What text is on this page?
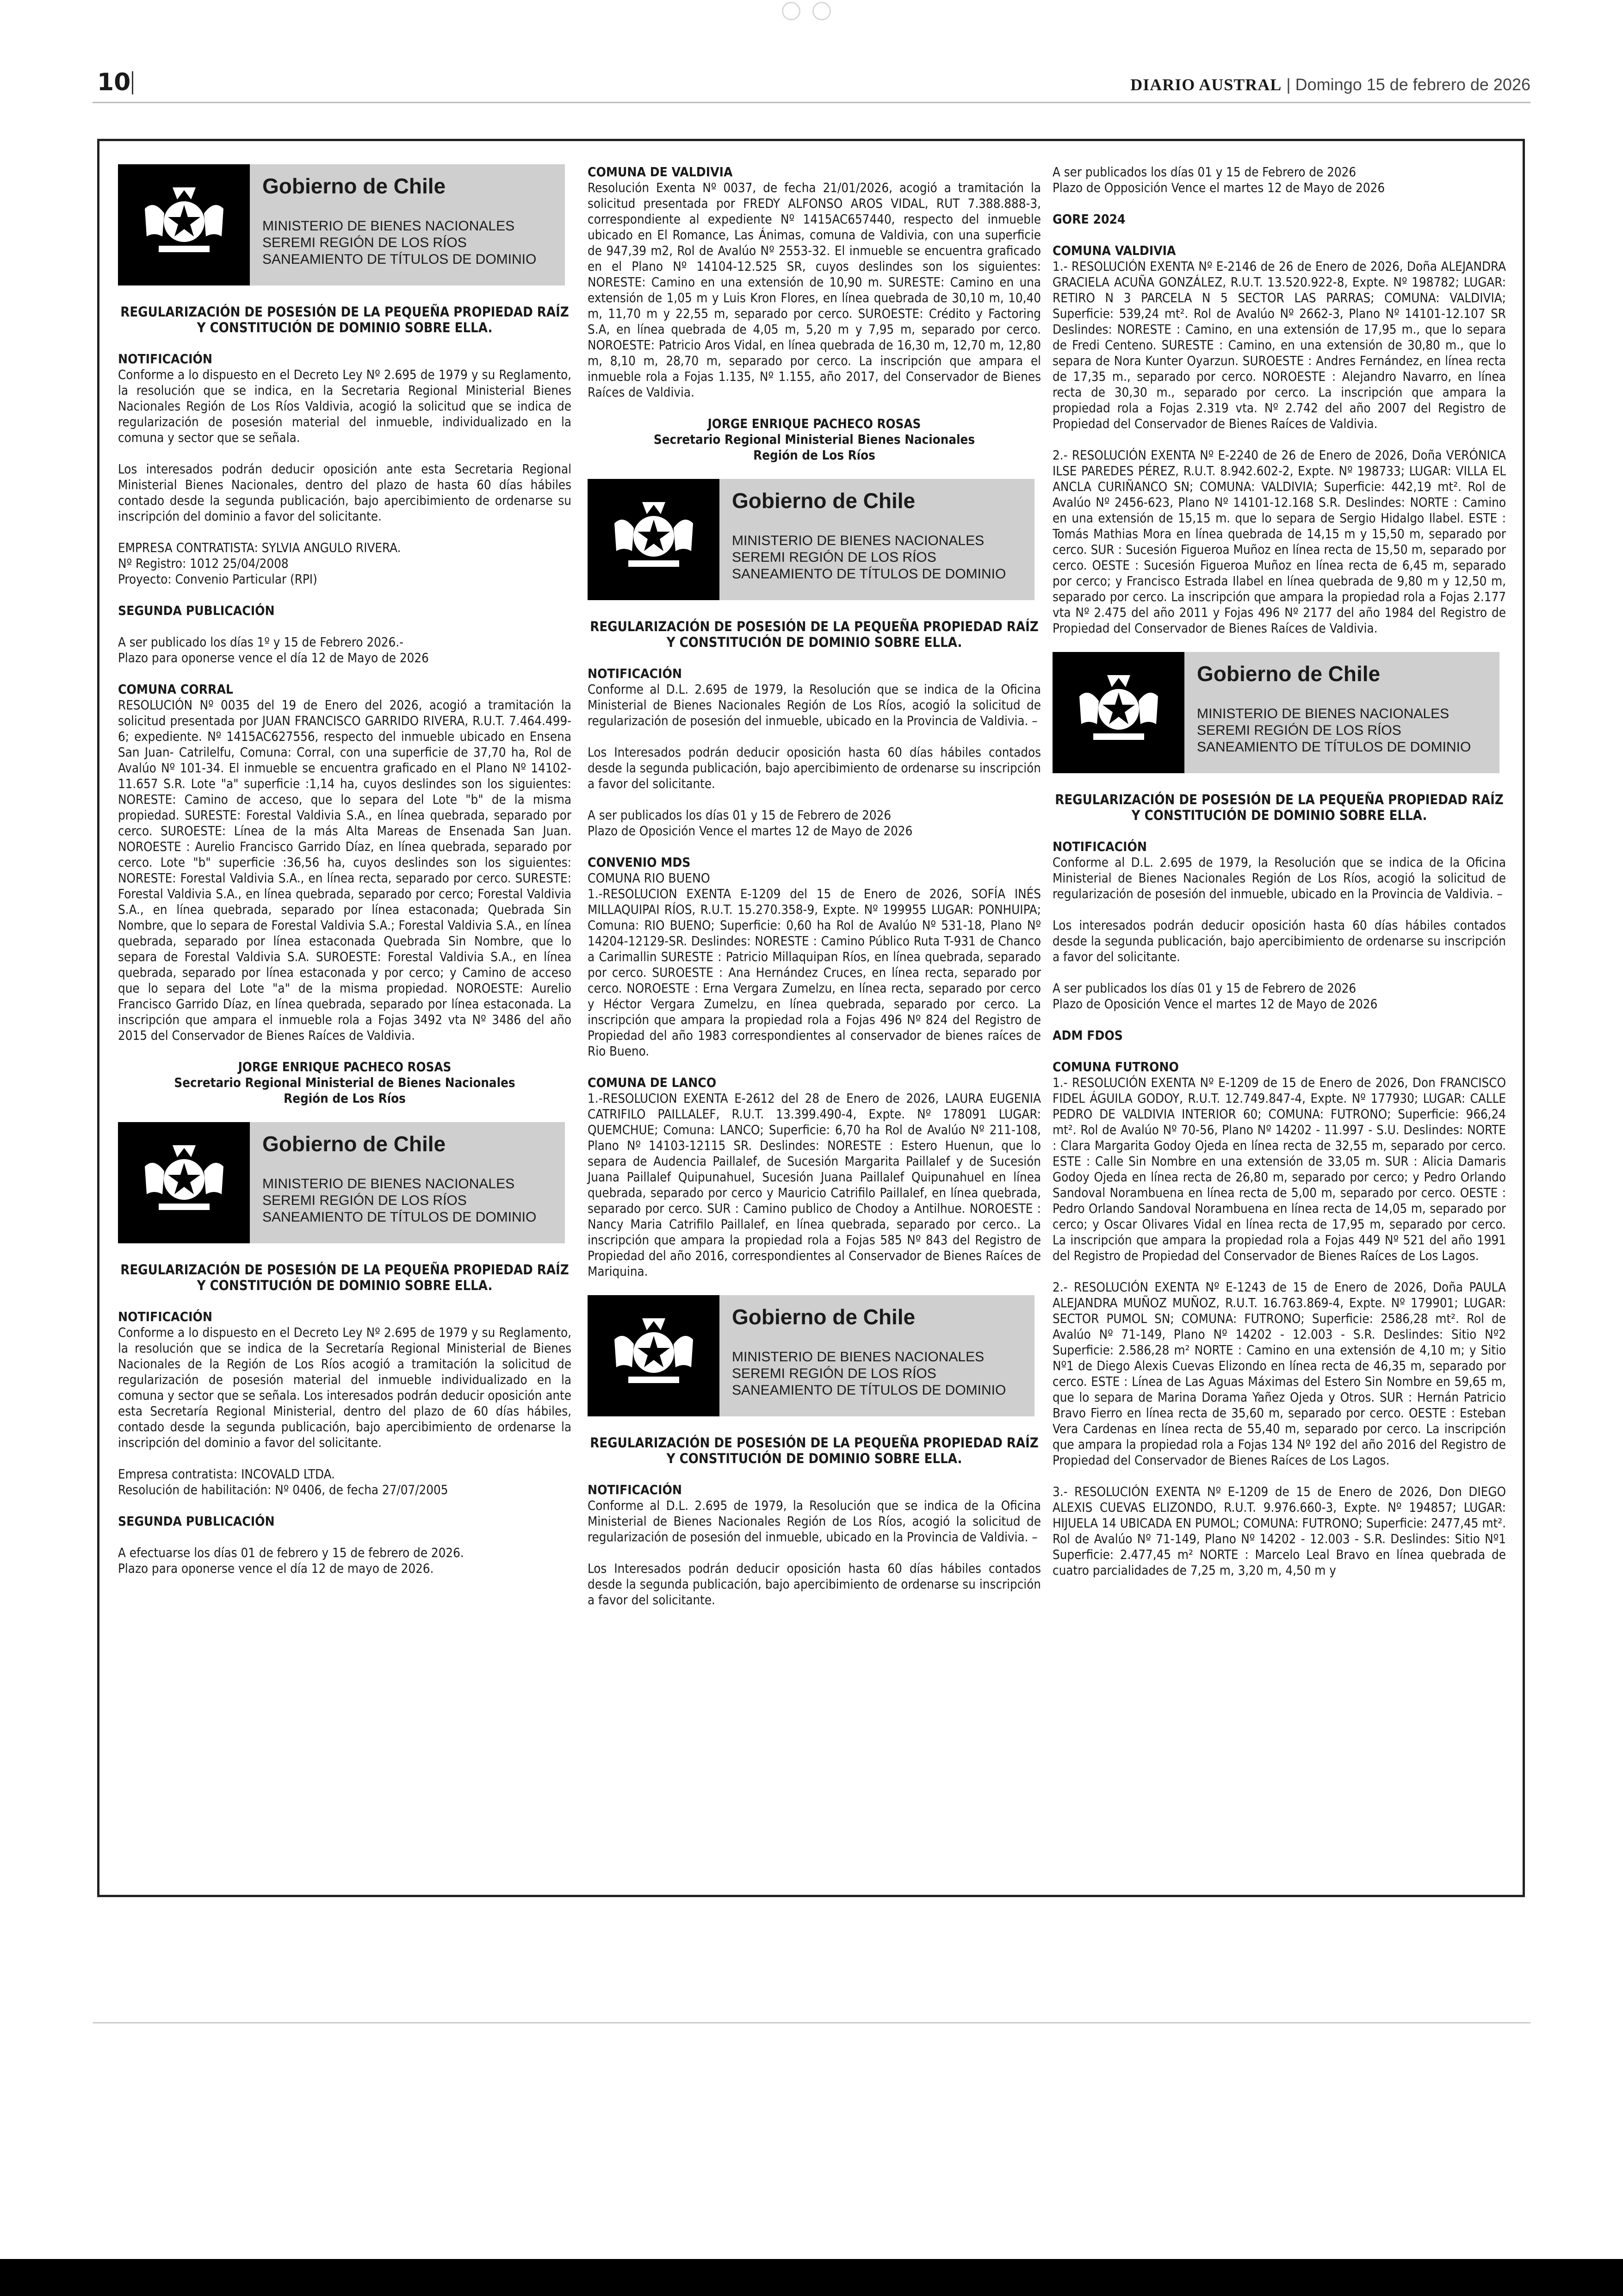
10	DIARIO AUSTRAL | Domingo 15 de febrero de 2026
Gobierno de Chile
MINISTERIO DE BIENES NACIONALES
SEREMI REGIÓN DE LOS RÍOS
SANEAMIENTO DE TÍTULOS DE DOMINIO
REGULARIZACIÓN DE POSESIÓN DE LA PEQUEÑA PROPIEDAD RAÍZ Y CONSTITUCIÓN DE DOMINIO SOBRE ELLA.
NOTIFICACIÓN

Conforme a lo dispuesto en el Decreto Ley Nº 2.695 de 1979 y su Reglamento, la resolución que se indica, en la Secretaria Regional Ministerial Bienes Nacionales Región de Los Ríos Valdivia, acogió la solicitud que se indica de regularización de posesión material del inmueble, individualizado en la comuna y sector que se señala.

Los interesados podrán deducir oposición ante esta Secretaria Regional Ministerial Bienes Nacionales, dentro del plazo de hasta 60 días hábiles contado desde la segunda publicación, bajo apercibimiento de ordenarse su inscripción del dominio a favor del solicitante.

EMPRESA CONTRATISTA: SYLVIA ANGULO RIVERA.

Nº Registro: 1012 25/04/2008

Proyecto: Convenio Particular (RPI)

SEGUNDA PUBLICACIÓN

A ser publicado los días 1º y 15 de Febrero 2026.-

Plazo para oponerse vence el día 12 de Mayo de 2026

COMUNA CORRAL

RESOLUCIÓN Nº 0035 del 19 de Enero del 2026, acogió a tramitación la solicitud presentada por JUAN FRANCISCO GARRIDO RIVERA, R.U.T. 7.464.499-6; expediente. Nº 1415AC627556, respecto del inmueble ubicado en Ensena San Juan- Catrilelfu, Comuna: Corral, con una superficie de 37,70 ha, Rol de Avalúo Nº 101-34. El inmueble se encuentra graficado en el Plano Nº 14102-11.657 S.R. Lote "a" superficie :1,14 ha, cuyos deslindes son los siguientes: NORESTE: Camino de acceso, que lo separa del Lote "b" de la misma propiedad. SURESTE: Forestal Valdivia S.A., en línea quebrada, separado por cerco. SUROESTE: Línea de la más Alta Mareas de Ensenada San Juan. NOROESTE : Aurelio Francisco Garrido Díaz, en línea quebrada, separado por cerco. Lote "b" superficie :36,56 ha, cuyos deslindes son los siguientes: NORESTE: Forestal Valdivia S.A., en línea recta, separado por cerco. SURESTE: Forestal Valdivia S.A., en línea quebrada, separado por cerco; Forestal Valdivia S.A., en línea quebrada, separado por línea estaconada; Quebrada Sin Nombre, que lo separa de Forestal Valdivia S.A.; Forestal Valdivia S.A., en línea quebrada, separado por línea estaconada Quebrada Sin Nombre, que lo separa de Forestal Valdivia S.A. SUROESTE: Forestal Valdivia S.A., en línea quebrada, separado por línea estaconada y por cerco; y Camino de acceso que lo separa del Lote "a" de la misma propiedad. NOROESTE: Aurelio Francisco Garrido Díaz, en línea quebrada, separado por línea estaconada. La inscripción que ampara el inmueble rola a Fojas 3492 vta Nº 3486 del año 2015 del Conservador de Bienes Raíces de Valdivia.

JORGE ENRIQUE PACHECO ROSAS
Secretario Regional Ministerial de Bienes Nacionales
Región de Los Ríos
Gobierno de Chile
MINISTERIO DE BIENES NACIONALES
SEREMI REGIÓN DE LOS RÍOS
SANEAMIENTO DE TÍTULOS DE DOMINIO
REGULARIZACIÓN DE POSESIÓN DE LA PEQUEÑA PROPIEDAD RAÍZ Y CONSTITUCIÓN DE DOMINIO SOBRE ELLA.
NOTIFICACIÓN

Conforme a lo dispuesto en el Decreto Ley Nº 2.695 de 1979 y su Reglamento, la resolución que se indica de la Secretaría Regional Ministerial de Bienes Nacionales de la Región de Los Ríos acogió a tramitación la solicitud de regularización de posesión material del inmueble individualizado en la comuna y sector que se señala. Los interesados podrán deducir oposición ante esta Secretaría Regional Ministerial, dentro del plazo de 60 días hábiles, contado desde la segunda publicación, bajo apercibimiento de ordenarse la inscripción del dominio a favor del solicitante.

Empresa contratista: INCOVALD LTDA.

Resolución de habilitación: Nº 0406, de fecha 27/07/2005

SEGUNDA PUBLICACIÓN

A efectuarse los días 01 de febrero y 15 de febrero de 2026.

Plazo para oponerse vence el día 12 de mayo de 2026.

COMUNA DE VALDIVIA

Resolución Exenta Nº 0037, de fecha 21/01/2026, acogió a tramitación la solicitud presentada por FREDY ALFONSO AROS VIDAL, RUT 7.388.888-3, correspondiente al expediente Nº 1415AC657440, respecto del inmueble ubicado en El Romance, Las Ánimas, comuna de Valdivia, con una superficie de 947,39 m2, Rol de Avalúo Nº 2553-32. El inmueble se encuentra graficado en el Plano Nº 14104-12.525 SR, cuyos deslindes son los siguientes: NORESTE: Camino en una extensión de 10,90 m. SURESTE: Camino en una extensión de 1,05 m y Luis Kron Flores, en línea quebrada de 30,10 m, 10,40 m, 11,70 m y 22,55 m, separado por cerco. SUROESTE: Crédito y Factoring S.A, en línea quebrada de 4,05 m, 5,20 m y 7,95 m, separado por cerco. NOROESTE: Patricio Aros Vidal, en línea quebrada de 16,30 m, 12,70 m, 12,80 m, 8,10 m, 28,70 m, separado por cerco. La inscripción que ampara el inmueble rola a Fojas 1.135, Nº 1.155, año 2017, del Conservador de Bienes Raíces de Valdivia.

JORGE ENRIQUE PACHECO ROSAS
Secretario Regional Ministerial Bienes Nacionales
Región de Los Ríos
Gobierno de Chile
MINISTERIO DE BIENES NACIONALES
SEREMI REGIÓN DE LOS RÍOS
SANEAMIENTO DE TÍTULOS DE DOMINIO
REGULARIZACIÓN DE POSESIÓN DE LA PEQUEÑA PROPIEDAD RAÍZ Y CONSTITUCIÓN DE DOMINIO SOBRE ELLA.
NOTIFICACIÓN

Conforme al D.L. 2.695 de 1979, la Resolución que se indica de la Oficina Ministerial de Bienes Nacionales Región de Los Ríos, acogió la solicitud de regularización de posesión del inmueble, ubicado en la Provincia de Valdivia. –

Los Interesados podrán deducir oposición hasta 60 días hábiles contados desde la segunda publicación, bajo apercibimiento de ordenarse su inscripción a favor del solicitante.

A ser publicados los días 01 y 15 de Febrero de 2026

Plazo de Oposición Vence el martes 12 de Mayo de 2026

CONVENIO MDS
COMUNA RIO BUENO

1.-RESOLUCION EXENTA E-1209 del 15 de Enero de 2026, SOFÍA INÉS MILLAQUIPAI RÍOS, R.U.T. 15.270.358-9, Expte. Nº 199955 LUGAR: PONHUIPA; Comuna: RIO BUENO; Superficie: 0,60 ha Rol de Avalúo Nº 531-18, Plano Nº 14204-12129-SR. Deslindes: NORESTE : Camino Público Ruta T-931 de Chanco a Carimallin SURESTE : Patricio Millaquipan Ríos, en línea quebrada, separado por cerco. SUROESTE : Ana Hernández Cruces, en línea recta, separado por cerco. NOROESTE : Erna Vergara Zumelzu, en línea recta, separado por cerco y Héctor Vergara Zumelzu, en línea quebrada, separado por cerco. La inscripción que ampara la propiedad rola a Fojas 496 Nº 824 del Registro de Propiedad del año 1983 correspondientes al conservador de bienes raíces de Rio Bueno.

COMUNA DE LANCO

1.-RESOLUCION EXENTA E-2612 del 28 de Enero de 2026, LAURA EUGENIA CATRIFILO PAILLALEF, R.U.T. 13.399.490-4, Expte. Nº 178091 LUGAR: QUEMCHUE; Comuna: LANCO; Superficie: 6,70 ha Rol de Avalúo Nº 211-108, Plano Nº 14103-12115 SR. Deslindes: NORESTE : Estero Huenun, que lo separa de Audencia Paillalef, de Sucesión Margarita Paillalef y de Sucesión Juana Paillalef Quipunahuel, Sucesión Juana Paillalef Quipunahuel en línea quebrada, separado por cerco y Mauricio Catrifilo Paillalef, en línea quebrada, separado por cerco. SUR : Camino publico de Chodoy a Antilhue. NOROESTE : Nancy Maria Catrifilo Paillalef, en línea quebrada, separado por cerco.. La inscripción que ampara la propiedad rola a Fojas 585 Nº 843 del Registro de Propiedad del año 2016, correspondientes al Conservador de Bienes Raíces de Mariquina.

Gobierno de Chile
MINISTERIO DE BIENES NACIONALES
SEREMI REGIÓN DE LOS RÍOS
SANEAMIENTO DE TÍTULOS DE DOMINIO
REGULARIZACIÓN DE POSESIÓN DE LA PEQUEÑA PROPIEDAD RAÍZ Y CONSTITUCIÓN DE DOMINIO SOBRE ELLA.
NOTIFICACIÓN

Conforme al D.L. 2.695 de 1979, la Resolución que se indica de la Oficina Ministerial de Bienes Nacionales Región de Los Ríos, acogió la solicitud de regularización de posesión del inmueble, ubicado en la Provincia de Valdivia. –

Los Interesados podrán deducir oposición hasta 60 días hábiles contados desde la segunda publicación, bajo apercibimiento de ordenarse su inscripción a favor del solicitante.

A ser publicados los días 01 y 15 de Febrero de 2026

Plazo de Opposición Vence el martes 12 de Mayo de 2026

GORE 2024
COMUNA VALDIVIA

1.- RESOLUCIÓN EXENTA Nº E-2146 de 26 de Enero de 2026, Doña ALEJANDRA GRACIELA ACUÑA GONZÁLEZ, R.U.T. 13.520.922-8, Expte. Nº 198782; LUGAR: RETIRO N 3 PARCELA N 5 SECTOR LAS PARRAS; COMUNA: VALDIVIA; Superficie: 539,24 mt². Rol de Avalúo Nº 2662-3, Plano Nº 14101-12.107 SR Deslindes: NORESTE : Camino, en una extensión de 17,95 m., que lo separa de Fredi Centeno. SURESTE : Camino, en una extensión de 30,80 m., que lo separa de Nora Kunter Oyarzun. SUROESTE : Andres Fernández, en línea recta de 17,35 m., separado por cerco. NOROESTE : Alejandro Navarro, en línea recta de 30,30 m., separado por cerco. La inscripción que ampara la propiedad rola a Fojas 2.319 vta. Nº 2.742 del año 2007 del Registro de Propiedad del Conservador de Bienes Raíces de Valdivia.

2.- RESOLUCIÓN EXENTA Nº E-2240 de 26 de Enero de 2026, Doña VERÓNICA ILSE PAREDES PÉREZ, R.U.T. 8.942.602-2, Expte. Nº 198733; LUGAR: VILLA EL ANCLA CURIÑANCO SN; COMUNA: VALDIVIA; Superficie: 442,19 mt². Rol de Avalúo Nº 2456-623, Plano Nº 14101-12.168 S.R. Deslindes: NORTE : Camino en una extensión de 15,15 m. que lo separa de Sergio Hidalgo Ilabel. ESTE : Tomás Mathias Mora en línea quebrada de 14,15 m y 15,50 m, separado por cerco. SUR : Sucesión Figueroa Muñoz en línea recta de 15,50 m, separado por cerco. OESTE : Sucesión Figueroa Muñoz en línea recta de 6,45 m, separado por cerco; y Francisco Estrada Ilabel en línea quebrada de 9,80 m y 12,50 m, separado por cerco. La inscripción que ampara la propiedad rola a Fojas 2.177 vta Nº 2.475 del año 2011 y Fojas 496 Nº 2177 del año 1984 del Registro de Propiedad del Conservador de Bienes Raíces de Valdivia.

Gobierno de Chile
MINISTERIO DE BIENES NACIONALES
SEREMI REGIÓN DE LOS RÍOS
SANEAMIENTO DE TÍTULOS DE DOMINIO
REGULARIZACIÓN DE POSESIÓN DE LA PEQUEÑA PROPIEDAD RAÍZ Y CONSTITUCIÓN DE DOMINIO SOBRE ELLA.
NOTIFICACIÓN

Conforme al D.L. 2.695 de 1979, la Resolución que se indica de la Oficina Ministerial de Bienes Nacionales Región de Los Ríos, acogió la solicitud de regularización de posesión del inmueble, ubicado en la Provincia de Valdivia. –

Los interesados podrán deducir oposición hasta 60 días hábiles contados desde la segunda publicación, bajo apercibimiento de ordenarse su inscripción a favor del solicitante.

A ser publicados los días 01 y 15 de Febrero de 2026

Plazo de Oposición Vence el martes 12 de Mayo de 2026

ADM FDOS
COMUNA FUTRONO

1.- RESOLUCIÓN EXENTA Nº E-1209 de 15 de Enero de 2026, Don FRANCISCO FIDEL ÁGUILA GODOY, R.U.T. 12.749.847-4, Expte. Nº 177930; LUGAR: CALLE PEDRO DE VALDIVIA INTERIOR 60; COMUNA: FUTRONO; Superficie: 966,24 mt². Rol de Avalúo Nº 70-56, Plano Nº 14202 - 11.997 - S.U. Deslindes: NORTE : Clara Margarita Godoy Ojeda en línea recta de 32,55 m, separado por cerco. ESTE : Calle Sin Nombre en una extensión de 33,05 m. SUR : Alicia Damaris Godoy Ojeda en línea recta de 26,80 m, separado por cerco; y Pedro Orlando Sandoval Norambuena en línea recta de 5,00 m, separado por cerco. OESTE : Pedro Orlando Sandoval Norambuena en línea recta de 14,05 m, separado por cerco; y Oscar Olivares Vidal en línea recta de 17,95 m, separado por cerco. La inscripción que ampara la propiedad rola a Fojas 449 Nº 521 del año 1991 del Registro de Propiedad del Conservador de Bienes Raíces de Los Lagos.

2.- RESOLUCIÓN EXENTA Nº E-1243 de 15 de Enero de 2026, Doña PAULA ALEJANDRA MUÑOZ MUÑOZ, R.U.T. 16.763.869-4, Expte. Nº 179901; LUGAR: SECTOR PUMOL SN; COMUNA: FUTRONO; Superficie: 2586,28 mt². Rol de Avalúo Nº 71-149, Plano Nº 14202 - 12.003 - S.R. Deslindes: Sitio Nº2 Superficie: 2.586,28 m² NORTE : Camino en una extensión de 4,10 m; y Sitio Nº1 de Diego Alexis Cuevas Elizondo en línea recta de 46,35 m, separado por cerco. ESTE : Línea de Las Aguas Máximas del Estero Sin Nombre en 59,65 m, que lo separa de Marina Dorama Yañez Ojeda y Otros. SUR : Hernán Patricio Bravo Fierro en línea recta de 35,60 m, separado por cerco. OESTE : Esteban Vera Cardenas en línea recta de 55,40 m, separado por cerco. La inscripción que ampara la propiedad rola a Fojas 134 Nº 192 del año 2016 del Registro de Propiedad del Conservador de Bienes Raíces de Los Lagos.

3.- RESOLUCIÓN EXENTA Nº E-1209 de 15 de Enero de 2026, Don DIEGO ALEXIS CUEVAS ELIZONDO, R.U.T. 9.976.660-3, Expte. Nº 194857; LUGAR: HIJUELA 14 UBICADA EN PUMOL; COMUNA: FUTRONO; Superficie: 2477,45 mt². Rol de Avalúo Nº 71-149, Plano Nº 14202 - 12.003 - S.R. Deslindes: Sitio Nº1 Superficie: 2.477,45 m² NORTE : Marcelo Leal Bravo en línea quebrada de cuatro parcialidades de 7,25 m, 3,20 m, 4,50 m y
